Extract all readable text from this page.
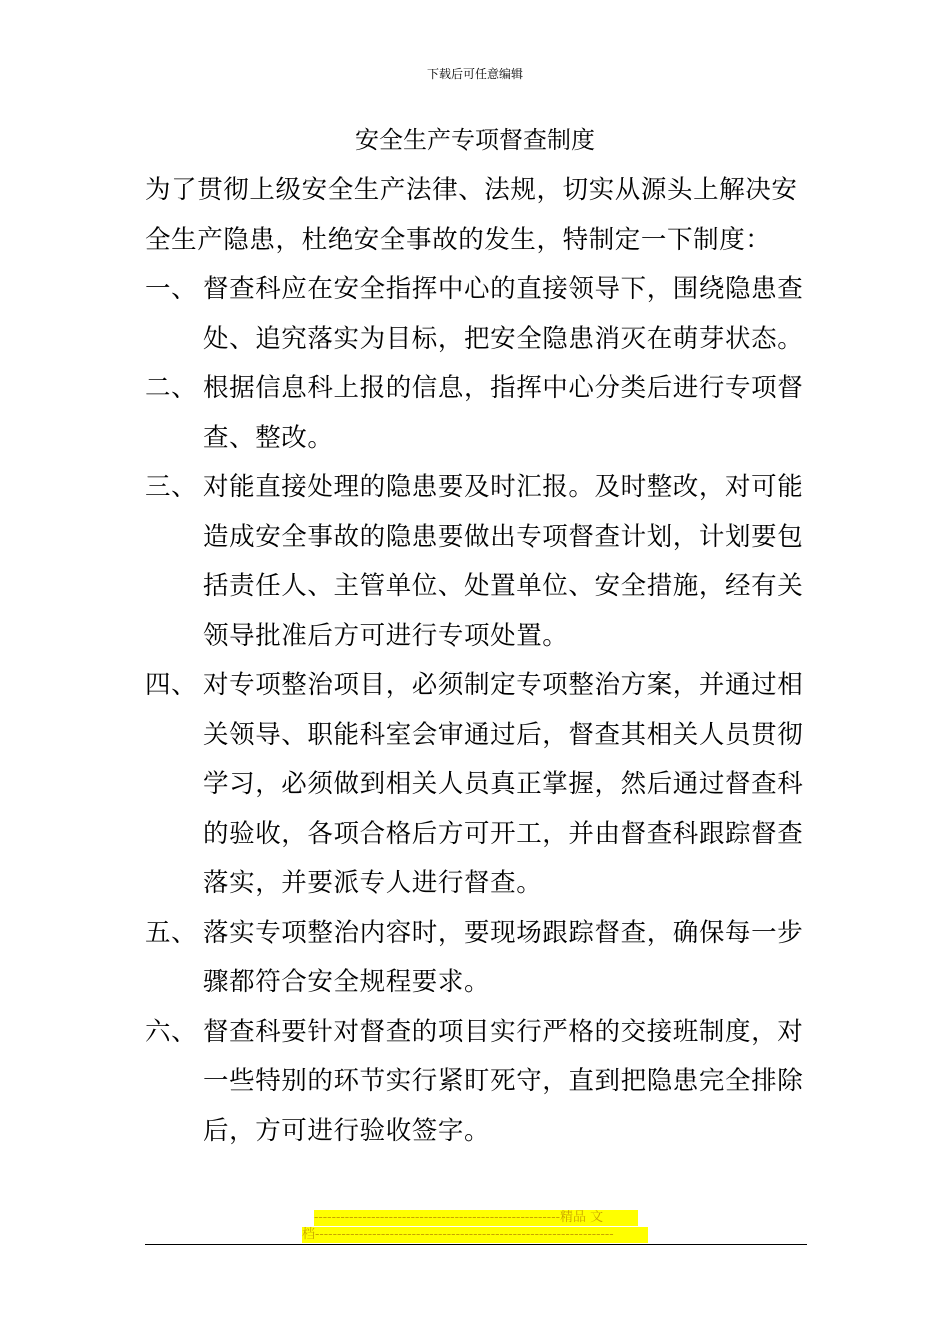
下载后可任意编辑
安全生产专项督查制度
为了贯彻上级安全生产法律、法规，切实从源头上解决安全生产隐患，杜绝安全事故的发生，特制定一下制度：
一、 督查科应在安全指挥中心的直接领导下，围绕隐患查处、追究落实为目标，把安全隐患消灭在萌芽状态。
二、 根据信息科上报的信息，指挥中心分类后进行专项督查、整改。
三、 对能直接处理的隐患要及时汇报。及时整改，对可能造成安全事故的隐患要做出专项督查计划，计划要包括责任人、主管单位、处置单位、安全措施，经有关领导批准后方可进行专项处置。
四、 对专项整治项目，必须制定专项整治方案，并通过相关领导、职能科室会审通过后，督查其相关人员贯彻学习，必须做到相关人员真正掌握，然后通过督查科的验收，各项合格后方可开工，并由督查科跟踪督查落实，并要派专人进行督查。
五、 落实专项整治内容时，要现场跟踪督查，确保每一步骤都符合安全规程要求。
六、 督查科要针对督查的项目实行严格的交接班制度，对一些特别的环节实行紧盯死守，直到把隐患完全排除后，方可进行验收签字。
--------------------------------------------------------精品 文
档--------------------------------------------------------------------
